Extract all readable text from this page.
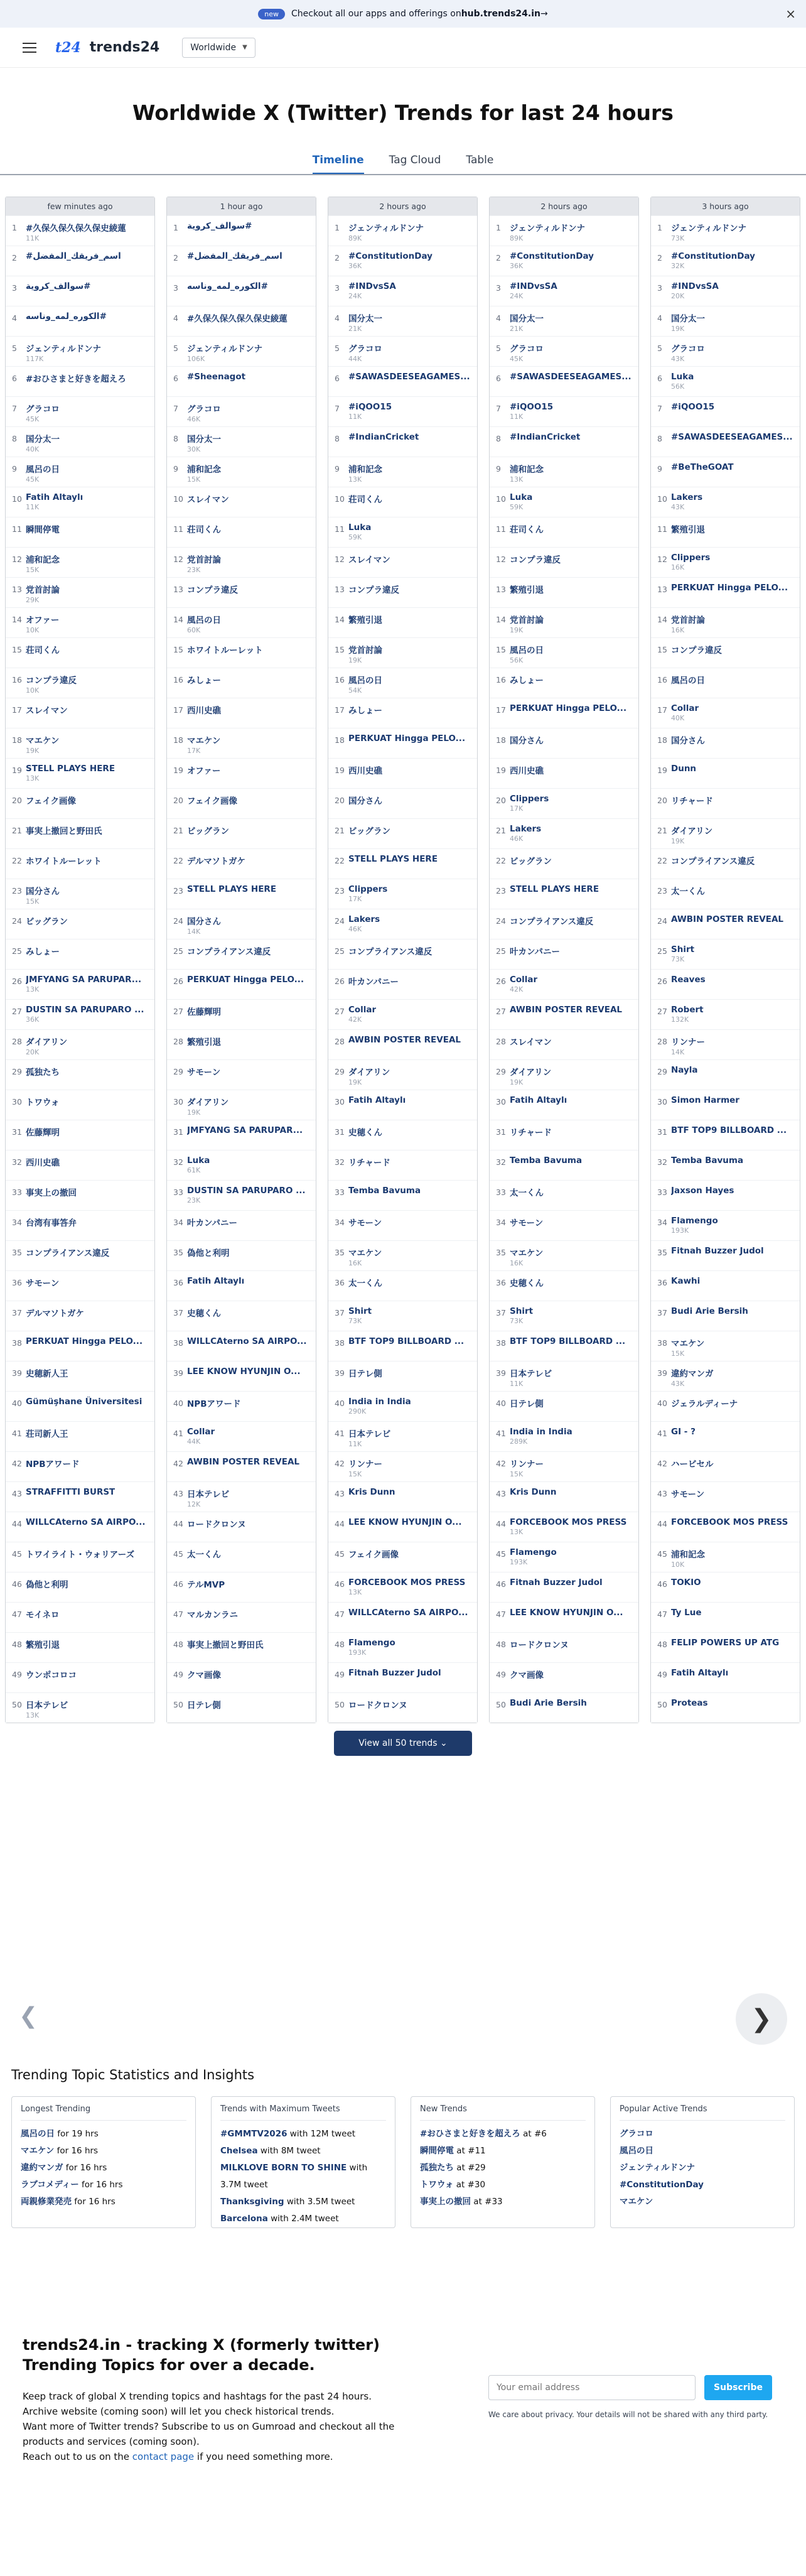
new	Checkout all our apps and offerings on hub.trends24.in →	×
t24 trends24	Worldwide ▼
Worldwide X (Twitter) Trends for last 24 hours
Timeline Tag Cloud Table
few minutes ago
1	#久保久保久保久保史綾蓮
11K
2	#اسم_فريقك_المفضل
3	سوالف_كروية#
4	الكوره_لمه_وناسه#
5	ジェンティルドンナ
117K
6	#おひさまと好きを超えろ
7	グラコロ
45K
8	国分太一
40K
9	風呂の日
45K
10 Fatih Altaylı
11K
11 瞬間停電
12 浦和記念
15K
13 党首討論
29K
14 オファー
10K
15 荘司くん
16 コンプラ違反
10K
17 スレイマン
18 マエケン
19K
19 STELL PLAYS HERE
13K
20 フェイク画像
21 事実上撤回と野田氏
22 ホワイトルーレット
23 国分さん
15K
24 ビッグラン
25 みしょー
26 JMFYANG SA PARUPAR...
13K
27 DUSTIN SA PARUPARO ...
36K
28 ダイアリン
20K
29 孤独たち
30 トワウォ
31 佐藤輝明
32 西川史礁
33 事実上の撤回
34 台湾有事答弁
35 コンプライアンス違反
36 サモーン
37 デルマソトガケ
38 PERKUAT Hingga PELO...
39 史穂新人王
40 Gümüşhane Üniversitesi
41 荘司新人王
42 NPBアワード
43 STRAFFITTI BURST
44 WILLCAterno SA AIRPO...
45 トワイライト・ウォリアーズ
46 偽他と利明
47 モイネロ
48 繁殖引退
49 ウンポコロコ
50 日本テレビ
13K
1 hour ago
1	سوالف_كروية#
2	#اسم_فريقك_المفضل
3	الكوره_لمه_وناسه#
4	#久保久保久保久保史綾蓮
5	ジェンティルドンナ
106K
6	#Sheenagot
7	グラコロ
46K
8	国分太一
30K
9	浦和記念
15K
10 スレイマン
11 荘司くん
12 党首討論
23K
13 コンプラ違反
14 風呂の日
60K
15 ホワイトルーレット
16 みしょー
17 西川史礁
18 マエケン
17K
19 オファー
20 フェイク画像
21 ビッグラン
22 デルマソトガケ
23 STELL PLAYS HERE
24 国分さん
14K
25 コンプライアンス違反
26 PERKUAT Hingga PELO...
27 佐藤輝明
28 繁殖引退
29 サモーン
30 ダイアリン
19K
31 JMFYANG SA PARUPAR...
32 Luka
61K
33 DUSTIN SA PARUPARO ...
23K
34 叶カンパニー
35 偽他と利明
36 Fatih Altaylı
37 史穂くん
38 WILLCAterno SA AIRPO...
39 LEE KNOW HYUNJIN O...
40 NPBアワード
41 Collar
44K
42 AWBIN POSTER REVEAL
43 日本テレビ
12K
44 ロードクロンヌ
45 太一くん
46 テルMVP
47 マルカンラニ
48 事実上撤回と野田氏
49 クマ画像
50 日テレ側
2 hours ago
1	ジェンティルドンナ
89K
2	#ConstitutionDay
36K
3	#INDvsSA
24K
4	国分太一
21K
5	グラコロ
44K
6	#SAWASDEESEAGAMES...
7	#iQOO15
11K
8	#IndianCricket
9	浦和記念
13K
10 荘司くん
11 Luka
59K
12 スレイマン
13 コンプラ違反
14 繁殖引退
15 党首討論
19K
16 風呂の日
54K
17 みしょー
18 PERKUAT Hingga PELO...
19 西川史礁
20 国分さん
21 ビッグラン
22 STELL PLAYS HERE
23 Clippers
17K
24 Lakers
46K
25 コンプライアンス違反
26 叶カンパニー
27 Collar
42K
28 AWBIN POSTER REVEAL
29 ダイアリン
19K
30 Fatih Altaylı
31 史穂くん
32 リチャード
33 Temba Bavuma
34 サモーン
35 マエケン
16K
36 太一くん
37 Shirt
73K
38 BTF TOP9 BILLBOARD ...
39 日テレ側
40 India in India
290K
41 日本テレビ
11K
42 リンナー
15K
43 Kris Dunn
44 LEE KNOW HYUNJIN O...
45 フェイク画像
46 FORCEBOOK MOS PRESS
13K
47 WILLCAterno SA AIRPO...
48 Flamengo
193K
49 Fitnah Buzzer Judol
50 ロードクロンヌ
2 hours ago
1	ジェンティルドンナ
89K
2	#ConstitutionDay
36K
3	#INDvsSA
24K
4	国分太一
21K
5	グラコロ
45K
6	#SAWASDEESEAGAMES...
7	#iQOO15
11K
8	#IndianCricket
9	浦和記念
13K
10 Luka
59K
11 荘司くん
12 コンプラ違反
13 繁殖引退
14 党首討論
19K
15 風呂の日
56K
16 みしょー
17 PERKUAT Hingga PELO...
18 国分さん
19 西川史礁
20 Clippers
17K
21 Lakers
46K
22 ビッグラン
23 STELL PLAYS HERE
24 コンプライアンス違反
25 叶カンパニー
26 Collar
42K
27 AWBIN POSTER REVEAL
28 スレイマン
29 ダイアリン
19K
30 Fatih Altaylı
31 リチャード
32 Temba Bavuma
33 太一くん
34 サモーン
35 マエケン
16K
36 史穂くん
37 Shirt
73K
38 BTF TOP9 BILLBOARD ...
39 日本テレビ
11K
40 日テレ側
41 India in India
289K
42 リンナー
15K
43 Kris Dunn
44 FORCEBOOK MOS PRESS
13K
45 Flamengo
193K
46 Fitnah Buzzer Judol
47 LEE KNOW HYUNJIN O...
48 ロードクロンヌ
49 クマ画像
50 Budi Arie Bersih
3 hours ago
1	ジェンティルドンナ
73K
2	#ConstitutionDay
32K
3	#INDvsSA
20K
4	国分太一
19K
5	グラコロ
43K
6	Luka
56K
7	#iQOO15
8	#SAWASDEESEAGAMES...
9	#BeTheGOAT
10 Lakers
43K
11 繁殖引退
12 Clippers
16K
13 PERKUAT Hingga PELO...
14 党首討論
16K
15 コンプラ違反
16 風呂の日
17 Collar
40K
18 国分さん
19 Dunn
20 リチャード
21 ダイアリン
19K
22 コンプライアンス違反
23 太一くん
24 AWBIN POSTER REVEAL
25 Shirt
73K
26 Reaves
27 Robert
132K
28 リンナー
14K
29 Nayla
30 Simon Harmer
31 BTF TOP9 BILLBOARD ...
32 Temba Bavuma
33 Jaxson Hayes
34 Flamengo
193K
35 Fitnah Buzzer Judol
36 Kawhi
37 Budi Arie Bersih
38 マエケン
15K
39 違約マンガ
43K
40 ジェラルディーナ
41 GI - ?
42 ハービセル
43 サモーン
44 FORCEBOOK MOS PRESS
45 浦和記念
10K
46 TOKIO
47 Ty Lue
48 FELIP POWERS UP ATG
49 Fatih Altaylı
50 Proteas
View all 50 trends ⌄
❮	❯
Trending Topic Statistics and Insights
Longest Trending
風呂の日 for 19 hrs
マエケン for 16 hrs
違約マンガ for 16 hrs
ラブコメディー for 16 hrs
両親修業発売 for 16 hrs
Trends with Maximum Tweets
#GMMTV2026 with 12M tweet
Chelsea with 8M tweet
MILKLOVE BORN TO SHINE with 3.7M tweet
Thanksgiving with 3.5M tweet
Barcelona with 2.4M tweet
New Trends
#おひさまと好きを超えろ at #6
瞬間停電 at #11
孤独たち at #29
トワウォ at #30
事実上の撤回 at #33
Popular Active Trends
グラコロ
風呂の日
ジェンティルドンナ
#ConstitutionDay
マエケン
trends24.in - tracking X (formerly twitter)
Trending Topics for over a decade.

Keep track of global X trending topics and hashtags for the past 24 hours.
Archive website (coming soon) will let you check historical trends.
Want more of Twitter trends? Subscribe to us on Gumroad and checkout all the products and services (coming soon).
Reach out to us on the contact page if you need something more.

Your email address
Subscribe
We care about privacy. Your details will not be shared with any third party.
